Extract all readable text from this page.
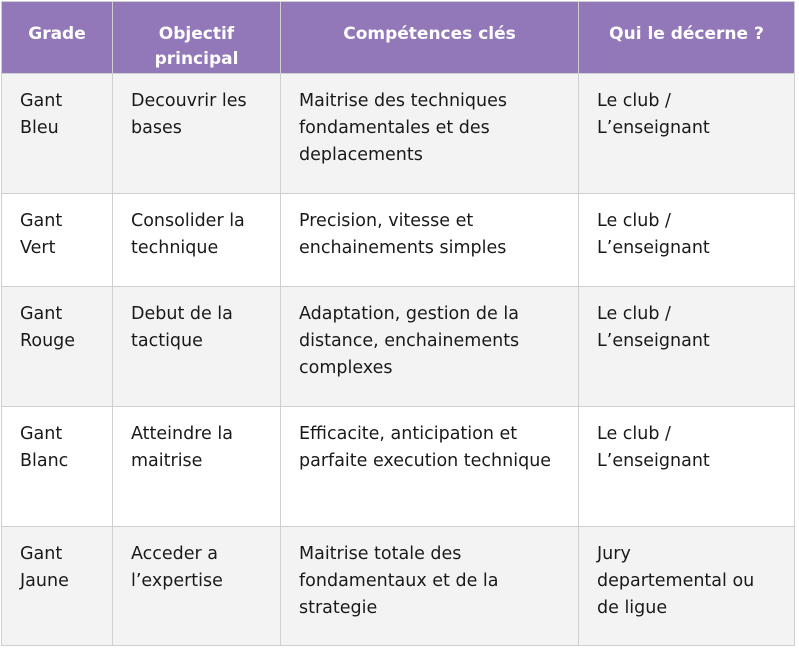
Grade	Objectif principal	Compétences clés	Qui le décerne ?
Gant Bleu	Decouvrir les bases	Maitrise des techniques fondamentales et des deplacements	Le club / L’enseignant
Gant Vert	Consolider la technique	Precision, vitesse et enchainements simples	Le club / L’enseignant
Gant Rouge	Debut de la tactique	Adaptation, gestion de la distance, enchainements complexes	Le club / L’enseignant
Gant Blanc	Atteindre la maitrise	Efficacite, anticipation et parfaite execution technique	Le club / L’enseignant
Gant Jaune	Acceder a l’expertise	Maitrise totale des fondamentaux et de la strategie	Jury departemental ou de ligue
